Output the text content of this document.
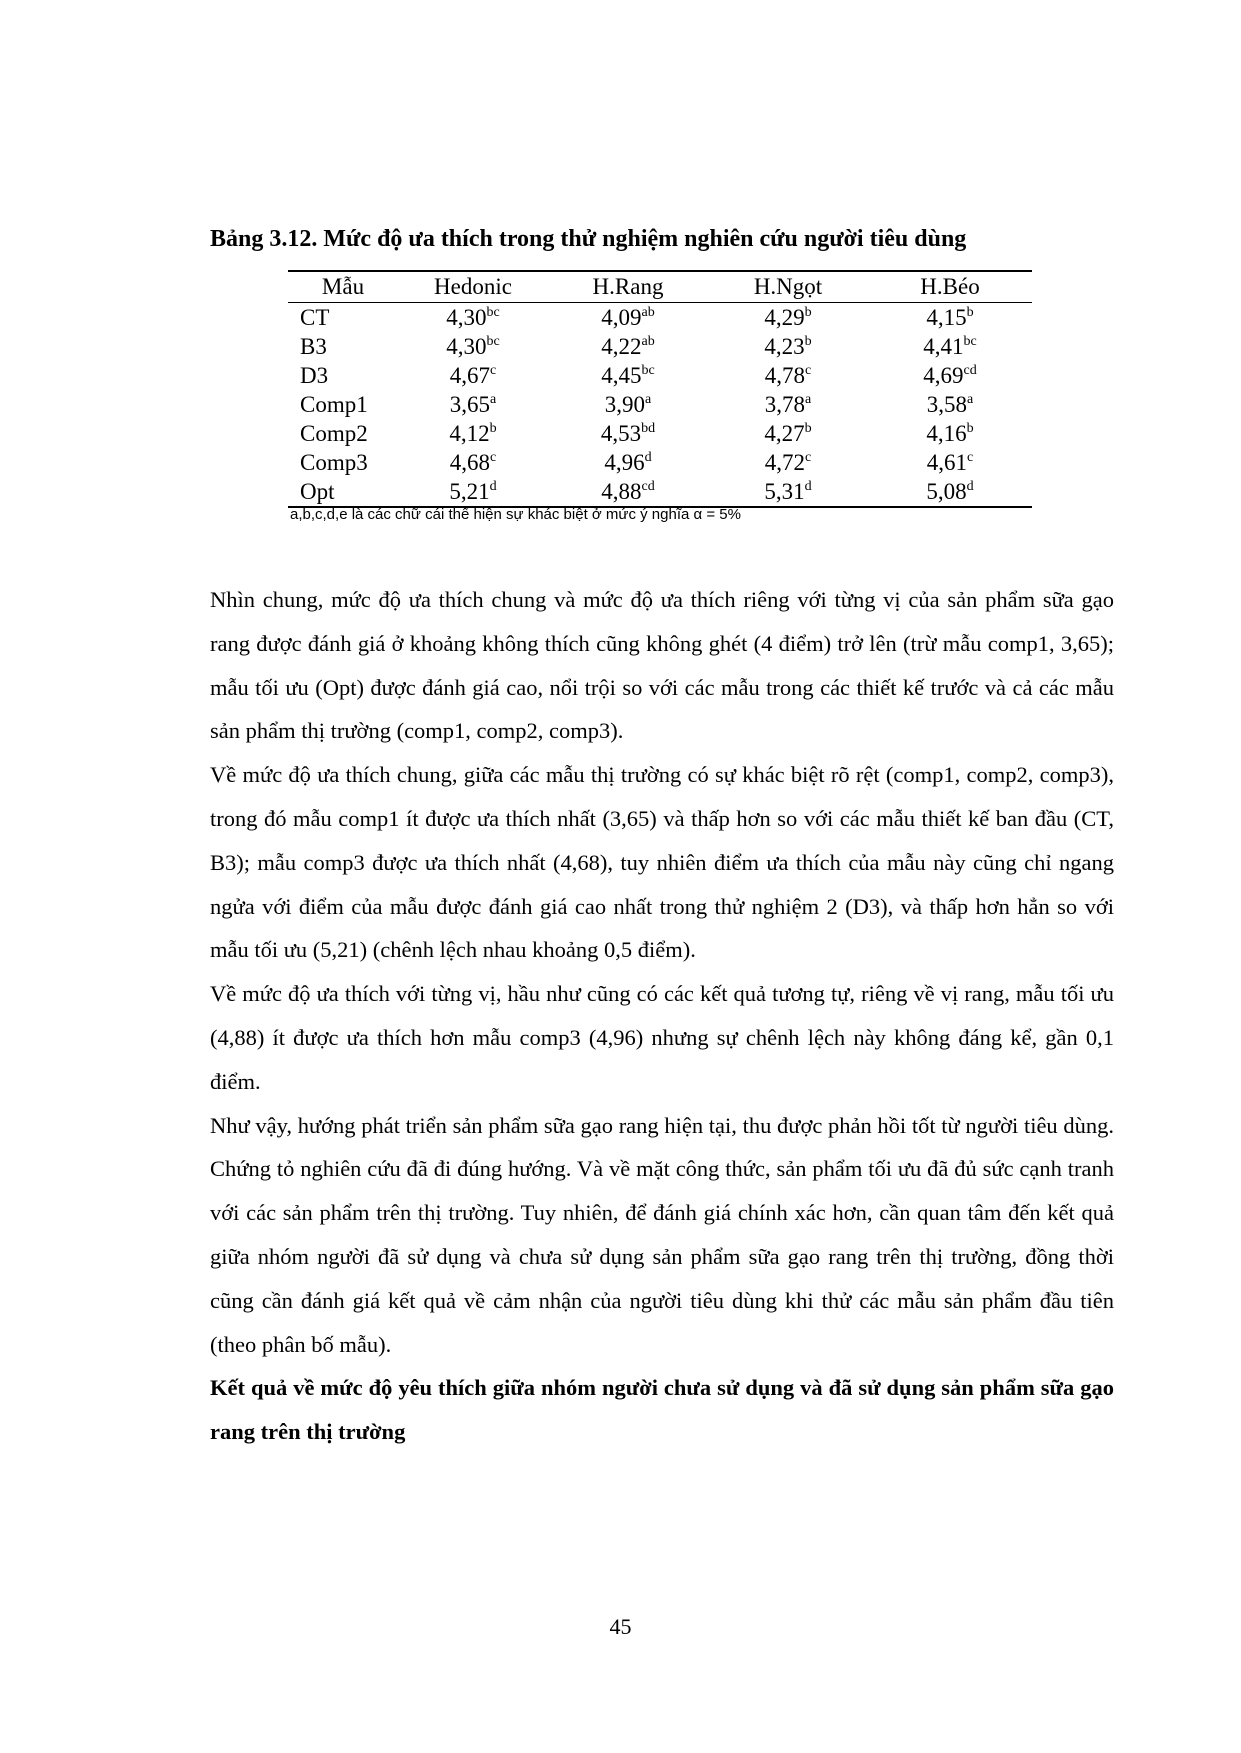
Bảng 3.12. Mức độ ưa thích trong thử nghiệm nghiên cứu người tiêu dùng
Mẫu	Hedonic	H.Rang	H.Ngọt	H.Béo
CT	4,30$^{bc}$	4,09$^{ab}$	4,29$^b$	4,15$^b$
B3	4,30$^{bc}$	4,22$^{ab}$	4,23$^b$	4,41$^{bc}$
D3	4,67$^c$	4,45$^{bc}$	4,78$^c$	4,69$^{cd}$
Comp1	3,65$^a$	3,90$^a$	3,78$^a$	3,58$^a$
Comp2	4,12$^b$	4,53$^{bd}$	4,27$^b$	4,16$^b$
Comp3	4,68$^c$	4,96$^d$	4,72$^c$	4,61$^c$
Opt	5,21$^d$	4,88$^{cd}$	5,31$^d$	5,08$^d$
a,b,c,d,e là các chữ cái thể hiện sự khác biệt ở mức ý nghĩa α = 5%

Nhìn chung, mức độ ưa thích chung và mức độ ưa thích riêng với từng vị của sản phẩm sữa gạo rang được đánh giá ở khoảng không thích cũng không ghét (4 điểm) trở lên (trừ mẫu comp1, 3,65); mẫu tối ưu (Opt) được đánh giá cao, nổi trội so với các mẫu trong các thiết kế trước và cả các mẫu sản phẩm thị trường (comp1, comp2, comp3).

Về mức độ ưa thích chung, giữa các mẫu thị trường có sự khác biệt rõ rệt (comp1, comp2, comp3), trong đó mẫu comp1 ít được ưa thích nhất (3,65) và thấp hơn so với các mẫu thiết kế ban đầu (CT, B3); mẫu comp3 được ưa thích nhất (4,68), tuy nhiên điểm ưa thích của mẫu này cũng chỉ ngang ngửa với điểm của mẫu được đánh giá cao nhất trong thử nghiệm 2 (D3), và thấp hơn hẳn so với mẫu tối ưu (5,21) (chênh lệch nhau khoảng 0,5 điểm).

Về mức độ ưa thích với từng vị, hầu như cũng có các kết quả tương tự, riêng về vị rang, mẫu tối ưu (4,88) ít được ưa thích hơn mẫu comp3 (4,96) nhưng sự chênh lệch này không đáng kể, gần 0,1 điểm.

Như vậy, hướng phát triển sản phẩm sữa gạo rang hiện tại, thu được phản hồi tốt từ người tiêu dùng. Chứng tỏ nghiên cứu đã đi đúng hướng. Và về mặt công thức, sản phẩm tối ưu đã đủ sức cạnh tranh với các sản phẩm trên thị trường. Tuy nhiên, để đánh giá chính xác hơn, cần quan tâm đến kết quả giữa nhóm người đã sử dụng và chưa sử dụng sản phẩm sữa gạo rang trên thị trường, đồng thời cũng cần đánh giá kết quả về cảm nhận của người tiêu dùng khi thử các mẫu sản phẩm đầu tiên (theo phân bố mẫu).

Kết quả về mức độ yêu thích giữa nhóm người chưa sử dụng và đã sử dụng sản phẩm sữa gạo rang trên thị trường

45
